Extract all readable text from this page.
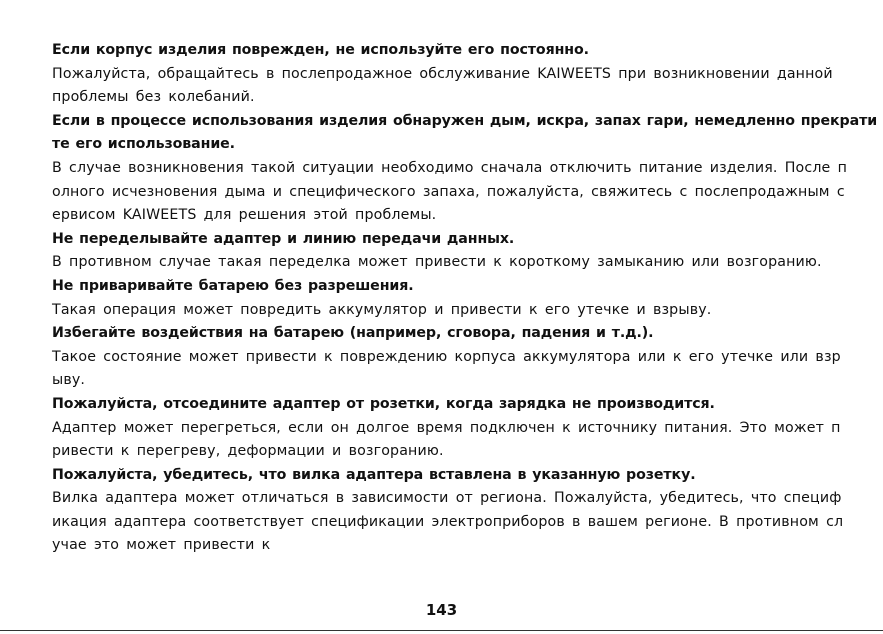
Если корпус изделия поврежден, не используйте его постоянно.
Пожалуйста, обращайтесь в послепродажное обслуживание KAIWEETS при возникновении данной
проблемы без колебаний.
Если в процессе использования изделия обнаружен дым, искра, запах гари, немедленно прекрати
те его использование.
В случае возникновения такой ситуации необходимо сначала отключить питание изделия. После п
олного исчезновения дыма и специфического запаха, пожалуйста, свяжитесь с послепродажным с
ервисом KAIWEETS для решения этой проблемы.
Не переделывайте адаптер и линию передачи данных.
В противном случае такая переделка может привести к короткому замыканию или возгоранию.
Не приваривайте батарею без разрешения.
Такая операция может повредить аккумулятор и привести к его утечке и взрыву.
Избегайте воздействия на батарею (например, сговора, падения и т.д.).
Такое состояние может привести к повреждению корпуса аккумулятора или к его утечке или взр
ыву.
Пожалуйста, отсоедините адаптер от розетки, когда зарядка не производится.
Адаптер может перегреться, если он долгое время подключен к источнику питания. Это может п
ривести к перегреву, деформации и возгоранию.
Пожалуйста, убедитесь, что вилка адаптера вставлена в указанную розетку.
Вилка адаптера может отличаться в зависимости от региона. Пожалуйста, убедитесь, что специф
икация адаптера соответствует спецификации электроприборов в вашем регионе. В противном сл
учае это может привести к
143
